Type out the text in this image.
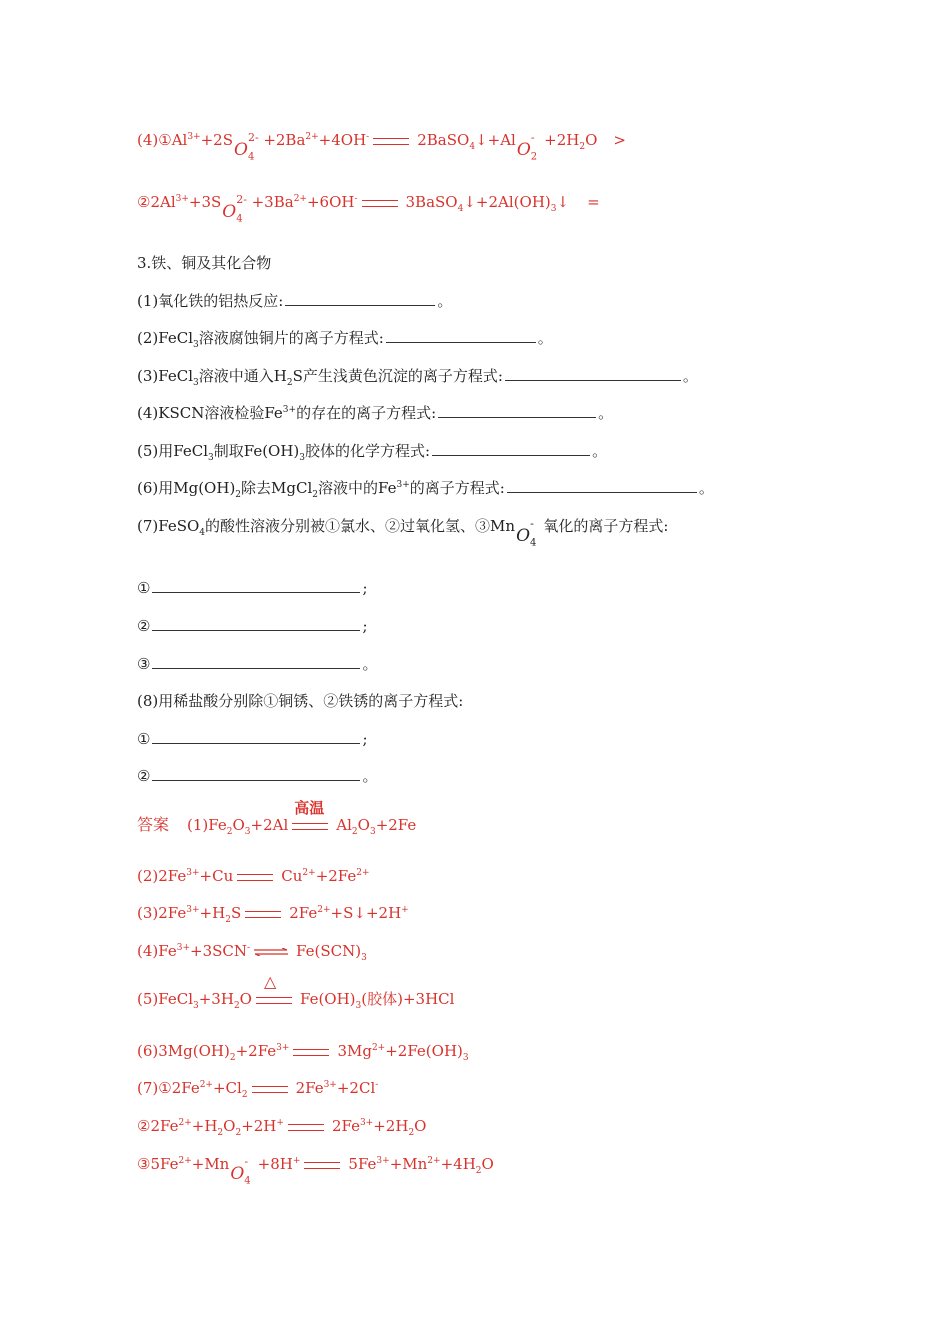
$(4)①Al^{3+}+2SO_4$
$2- +2Ba^{2+}+4OH^-$	2BaSO$_4$↓+AlO$_2$
- $+2H_2O$ >
$②2Al^{3+}+3SO_4$
$2- +3Ba^{2+}+6OH^-$	$3BaSO_4↓+2Al(OH)_3↓$ =
3.铁、铜及其化合物
(1)氧化铁的铝热反应:	。
(2)FeCl$_3$溶液腐蚀铜片的离子方程式:	。
(3)FeCl$_3$溶液中通入$H_2S$产生浅黄色沉淀的离子方程式:	。
(4)KSCN溶液检验$Fe^{3+}$的存在的离子方程式:	。
(5)用FeCl$_3$制取$Fe(OH)_3$胶体的化学方程式:	。
(6)用$Mg(OH)_2$除去MgCl$_2$溶液中的$Fe^{3+}$的离子方程式:	。
(7)FeSO$_4$的酸性溶液分别被①氯水、②过氧化氢、③MnO$_4$
- 氧化的离子方程式:
①	;
②	;
③	。
(8)用稀盐酸分别除①铜锈、②铁锈的离子方程式:
①	;
②	。
答案 $(1)Fe_2O_3+2Al$
高温
$Al_2O_3+2Fe$
$(2)2Fe^{3+}+Cu$	$Cu^{2+}+2Fe^{2+}$
$(3)2Fe^{3+}+H_2S$	$2Fe^{2+}+S↓+2H^+$
$(4)Fe^{3+}+3SCN^-$ ⇌ $Fe(SCN)_3$
$(5)FeCl_3+3H_2O$
△
$Fe(OH)_3$(胶体)+3HCl
$(6)3Mg(OH)_2+2Fe^{3+}$	$3Mg^{2+}+2Fe(OH)_3$
$(7)①2Fe^{2+}+Cl_2$	$2Fe^{3+}+2Cl^-$
$②2Fe^{2+}+H_2O_2+2H^+$	$2Fe^{3+}+2H_2O$
$③5Fe^{2+}+MnO_4$
- +8H+	$5Fe^{3+}+Mn^{2+}+4H_2O$
